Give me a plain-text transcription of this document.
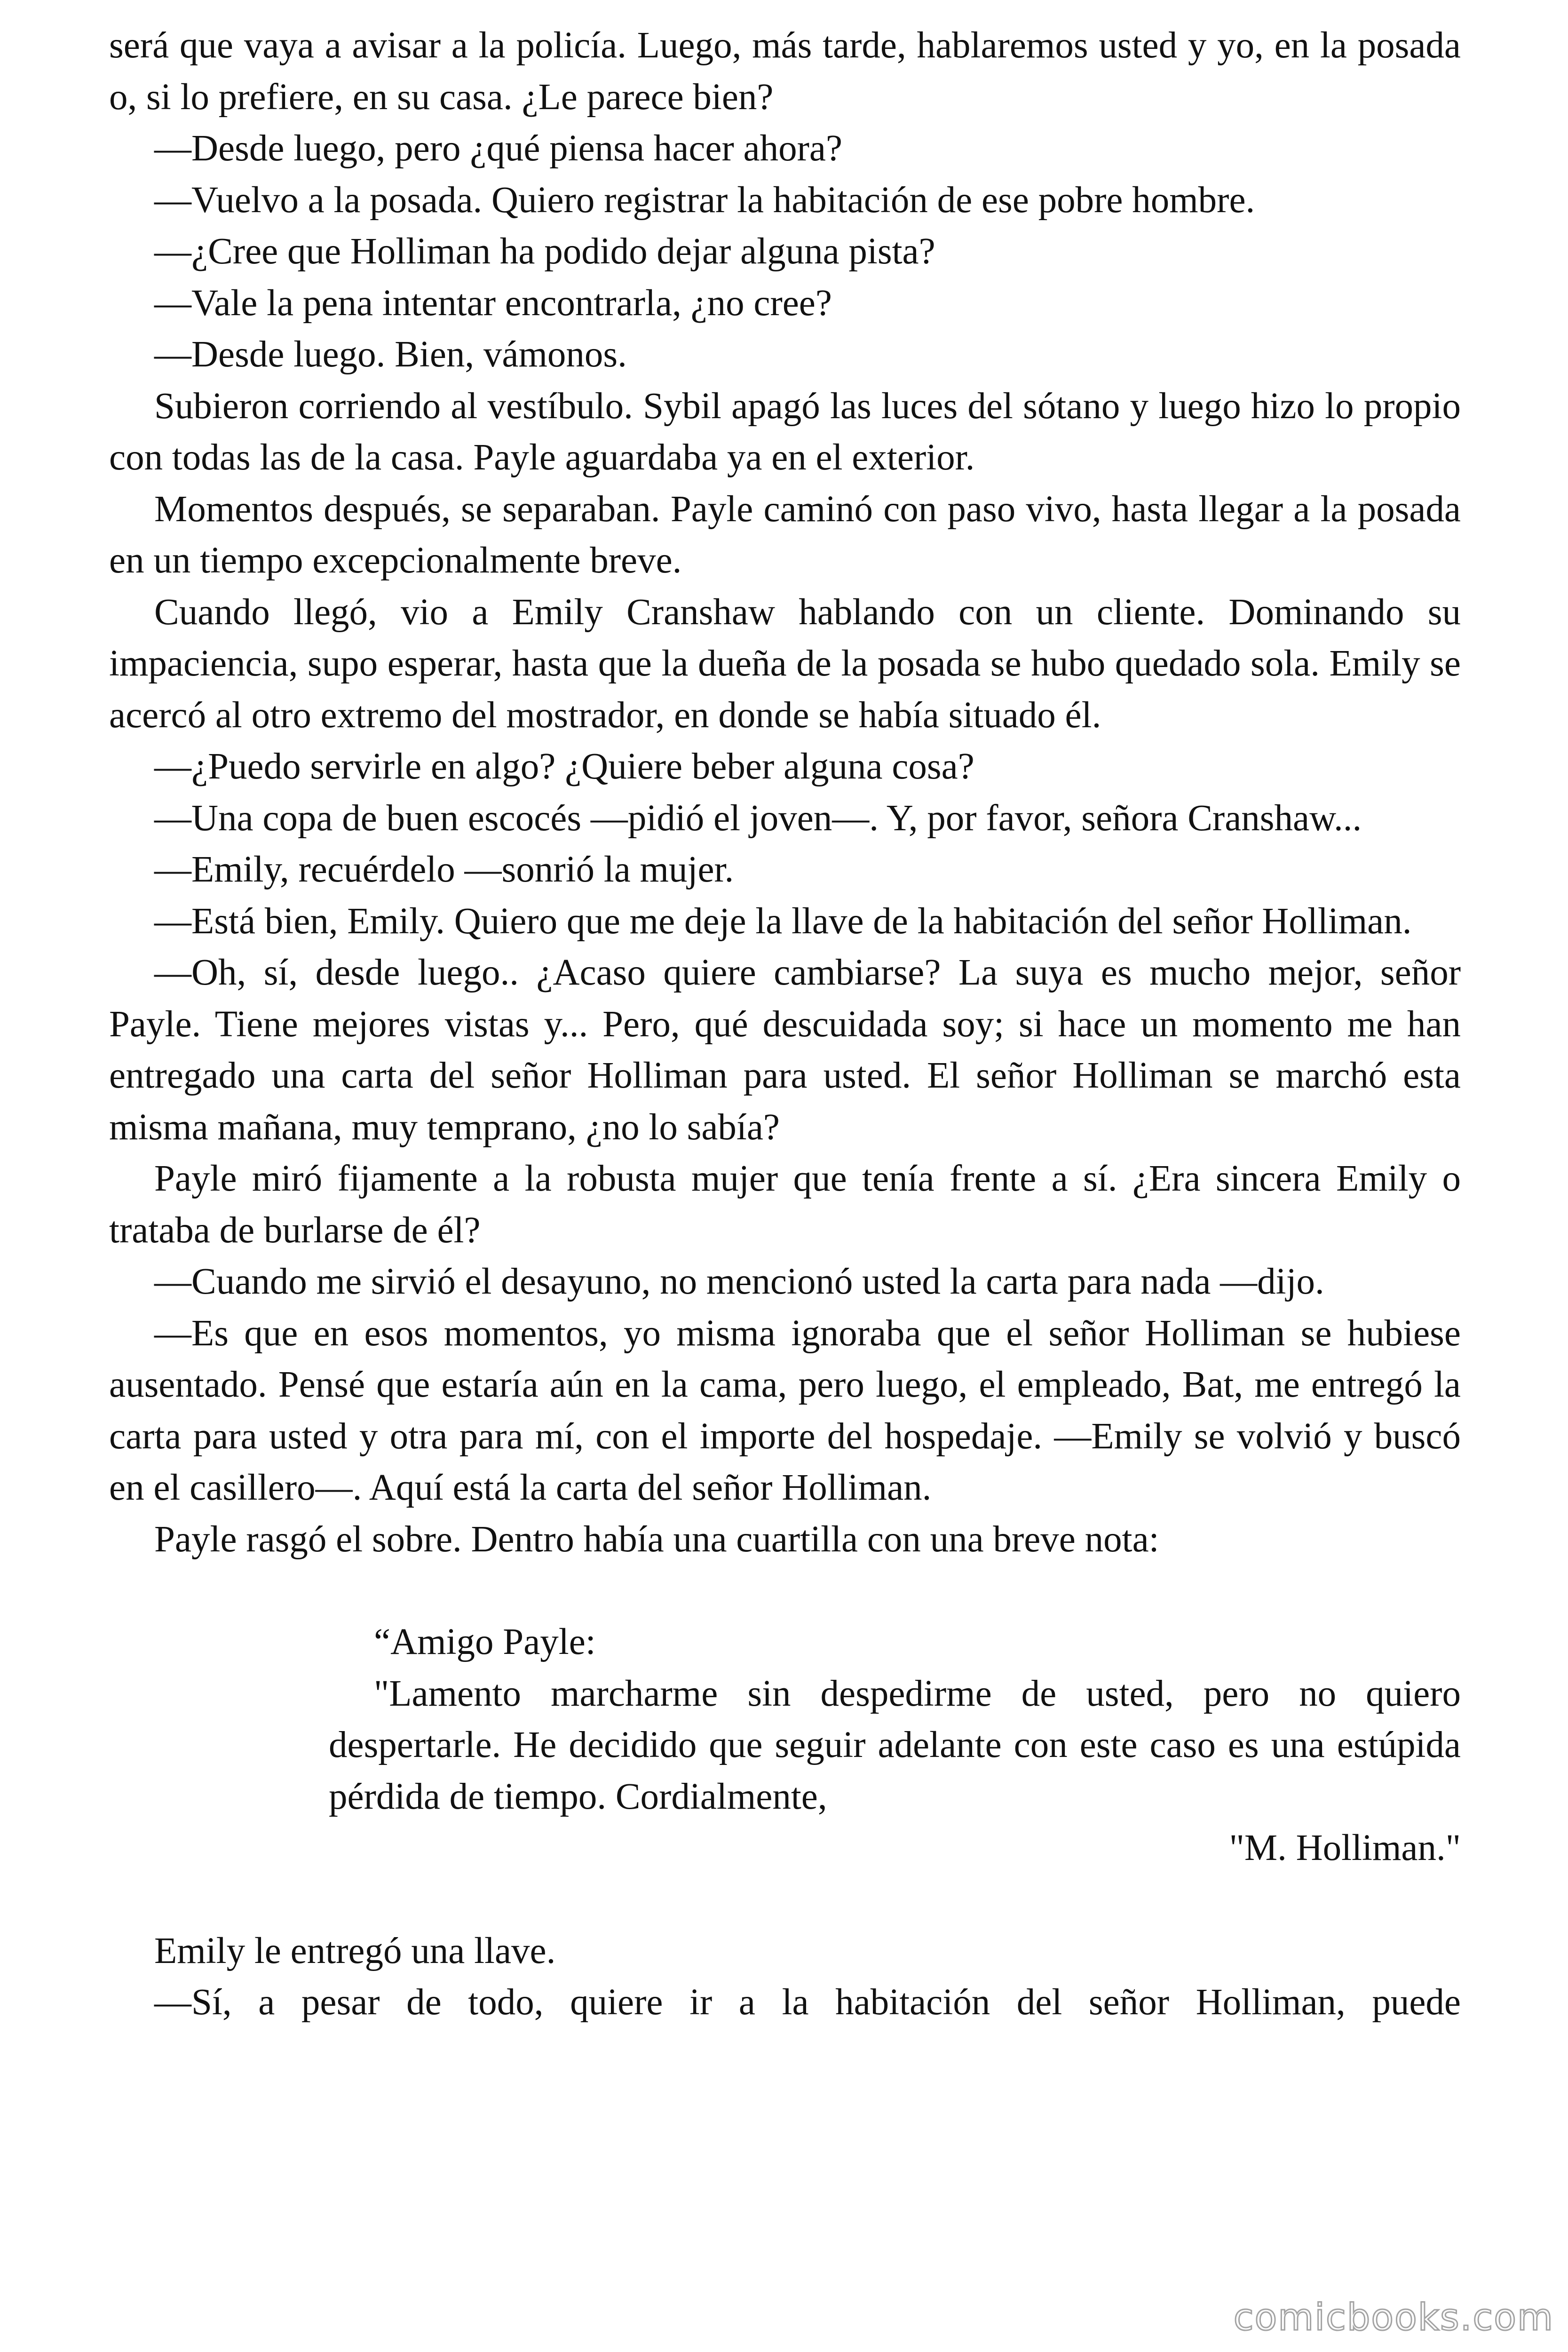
será que vaya a avisar a la policía. Luego, más tarde, hablaremos usted y yo, en la posada o, si lo prefiere, en su casa. ¿Le parece bien?

—Desde luego, pero ¿qué piensa hacer ahora?

—Vuelvo a la posada. Quiero registrar la habitación de ese pobre hombre.

—¿Cree que Holliman ha podido dejar alguna pista?

—Vale la pena intentar encontrarla, ¿no cree?

—Desde luego. Bien, vámonos.

Subieron corriendo al vestíbulo. Sybil apagó las luces del sótano y luego hizo lo propio con todas las de la casa. Payle aguardaba ya en el exterior.

Momentos después, se separaban. Payle caminó con paso vivo, hasta llegar a la posada en un tiempo excepcionalmente breve.

Cuando llegó, vio a Emily Cranshaw hablando con un cliente. Dominando su impaciencia, supo esperar, hasta que la dueña de la posada se hubo quedado sola. Emily se acercó al otro extremo del mostrador, en donde se había situado él.

—¿Puedo servirle en algo? ¿Quiere beber alguna cosa?

—Una copa de buen escocés —pidió el joven—. Y, por favor, señora Cranshaw...

—Emily, recuérdelo —sonrió la mujer.

—Está bien, Emily. Quiero que me deje la llave de la habitación del señor Holliman.

—Oh, sí, desde luego.. ¿Acaso quiere cambiarse? La suya es mucho mejor, señor Payle. Tiene mejores vistas y... Pero, qué descuidada soy; si hace un momento me han entregado una carta del señor Holliman para usted. El señor Holliman se marchó esta misma mañana, muy temprano, ¿no lo sabía?

Payle miró fijamente a la robusta mujer que tenía frente a sí. ¿Era sincera Emily o trataba de burlarse de él?

—Cuando me sirvió el desayuno, no mencionó usted la carta para nada —dijo.

—Es que en esos momentos, yo misma ignoraba que el señor Holliman se hubiese ausentado. Pensé que estaría aún en la cama, pero luego, el empleado, Bat, me entregó la carta para usted y otra para mí, con el importe del hospedaje. —Emily se volvió y buscó en el casillero—. Aquí está la carta del señor Holliman.

Payle rasgó el sobre. Dentro había una cuartilla con una breve nota:

“Amigo Payle:

"Lamento marcharme sin despedirme de usted, pero no quiero despertarle. He decidido que seguir adelante con este caso es una estúpida pérdida de tiempo. Cordialmente,

"M. Holliman."

Emily le entregó una llave.

—Sí, a pesar de todo, quiere ir a la habitación del señor Holliman, puede

comicbooks.com
